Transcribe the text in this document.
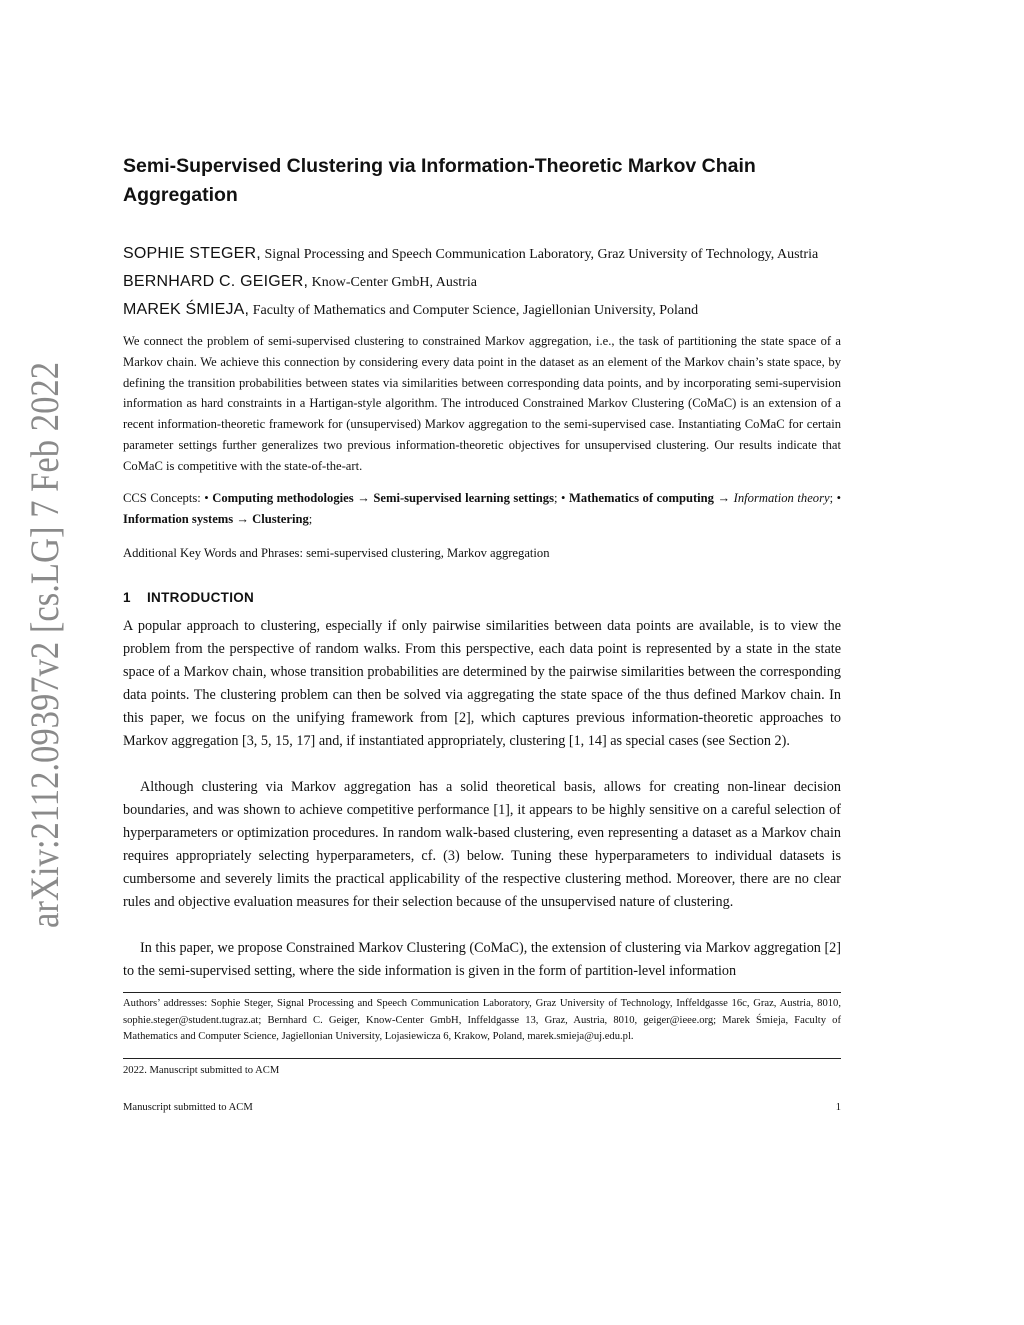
arXiv:2112.09397v2 [cs.LG] 7 Feb 2022
Semi-Supervised Clustering via Information-Theoretic Markov Chain Aggregation
SOPHIE STEGER, Signal Processing and Speech Communication Laboratory, Graz University of Technology, Austria
BERNHARD C. GEIGER, Know-Center GmbH, Austria
MAREK ŚMIEJA, Faculty of Mathematics and Computer Science, Jagiellonian University, Poland

We connect the problem of semi-supervised clustering to constrained Markov aggregation, i.e., the task of partitioning the state space of a Markov chain. We achieve this connection by considering every data point in the dataset as an element of the Markov chain’s state space, by defining the transition probabilities between states via similarities between corresponding data points, and by incorporating semi-supervision information as hard constraints in a Hartigan-style algorithm. The introduced Constrained Markov Clustering (CoMaC) is an extension of a recent information-theoretic framework for (unsupervised) Markov aggregation to the semi-supervised case. Instantiating CoMaC for certain parameter settings further generalizes two previous information-theoretic objectives for unsupervised clustering. Our results indicate that CoMaC is competitive with the state-of-the-art.

CCS Concepts: • Computing methodologies → Semi-supervised learning settings; • Mathematics of computing → Information theory; • Information systems → Clustering;

Additional Key Words and Phrases: semi-supervised clustering, Markov aggregation

1 INTRODUCTION

A popular approach to clustering, especially if only pairwise similarities between data points are available, is to view the problem from the perspective of random walks. From this perspective, each data point is represented by a state in the state space of a Markov chain, whose transition probabilities are determined by the pairwise similarities between the corresponding data points. The clustering problem can then be solved via aggregating the state space of the thus defined Markov chain. In this paper, we focus on the unifying framework from [2], which captures previous information-theoretic approaches to Markov aggregation [3, 5, 15, 17] and, if instantiated appropriately, clustering [1, 14] as special cases (see Section 2).

Although clustering via Markov aggregation has a solid theoretical basis, allows for creating non-linear decision boundaries, and was shown to achieve competitive performance [1], it appears to be highly sensitive on a careful selection of hyperparameters or optimization procedures. In random walk-based clustering, even representing a dataset as a Markov chain requires appropriately selecting hyperparameters, cf. (3) below. Tuning these hyperparameters to individual datasets is cumbersome and severely limits the practical applicability of the respective clustering method. Moreover, there are no clear rules and objective evaluation measures for their selection because of the unsupervised nature of clustering.

In this paper, we propose Constrained Markov Clustering (CoMaC), the extension of clustering via Markov aggregation [2] to the semi-supervised setting, where the side information is given in the form of partition-level information

Authors’ addresses: Sophie Steger, Signal Processing and Speech Communication Laboratory, Graz University of Technology, Inffeldgasse 16c, Graz, Austria, 8010, sophie.steger@student.tugraz.at; Bernhard C. Geiger, Know-Center GmbH, Inffeldgasse 13, Graz, Austria, 8010, geiger@ieee.org; Marek Śmieja, Faculty of Mathematics and Computer Science, Jagiellonian University, Lojasiewicza 6, Krakow, Poland, marek.smieja@uj.edu.pl.

2022. Manuscript submitted to ACM

Manuscript submitted to ACM	1
